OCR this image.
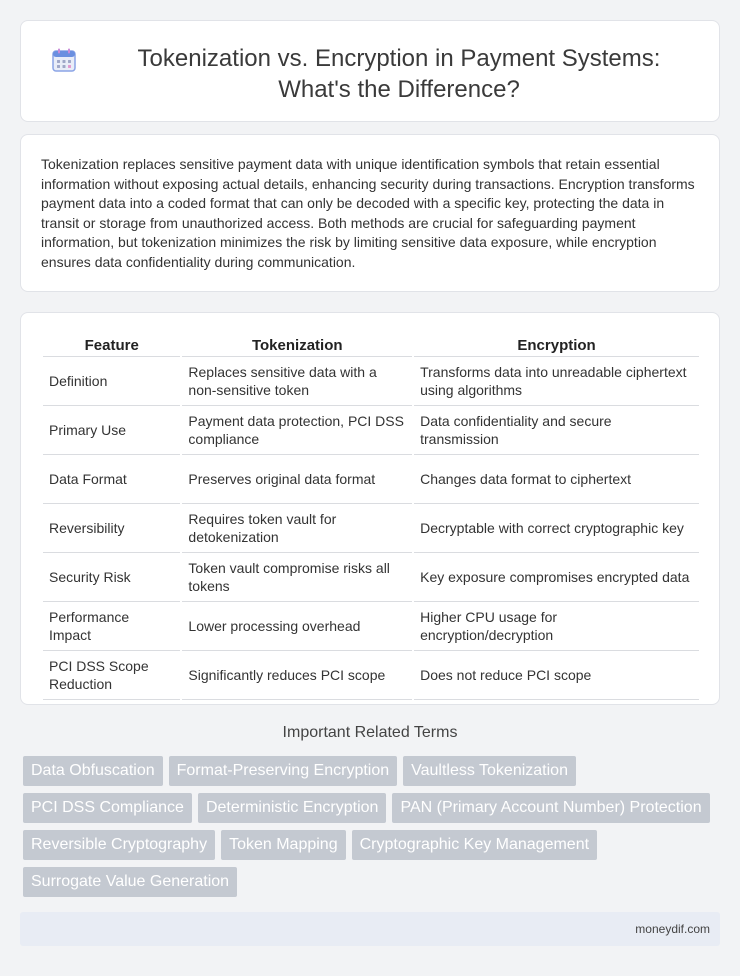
Tokenization vs. Encryption in Payment Systems: What's the Difference?

Tokenization replaces sensitive payment data with unique identification symbols that retain essential information without exposing actual details, enhancing security during transactions. Encryption transforms payment data into a coded format that can only be decoded with a specific key, protecting the data in transit or storage from unauthorized access. Both methods are crucial for safeguarding payment information, but tokenization minimizes the risk by limiting sensitive data exposure, while encryption ensures data confidentiality during communication.

Feature	Tokenization	Encryption
Definition	Replaces sensitive data with a non-sensitive token	Transforms data into unreadable ciphertext using algorithms
Primary Use	Payment data protection, PCI DSS compliance	Data confidentiality and secure transmission
Data Format	Preserves original data format	Changes data format to ciphertext
Reversibility	Requires token vault for detokenization	Decryptable with correct cryptographic key
Security Risk	Token vault compromise risks all tokens	Key exposure compromises encrypted data
Performance Impact	Lower processing overhead	Higher CPU usage for encryption/decryption
PCI DSS Scope Reduction	Significantly reduces PCI scope	Does not reduce PCI scope
Important Related Terms
Data Obfuscation	Format-Preserving Encryption	Vaultless Tokenization
PCI DSS Compliance	Deterministic Encryption	PAN (Primary Account Number) Protection
Reversible Cryptography	Token Mapping	Cryptographic Key Management
Surrogate Value Generation
moneydif.com
